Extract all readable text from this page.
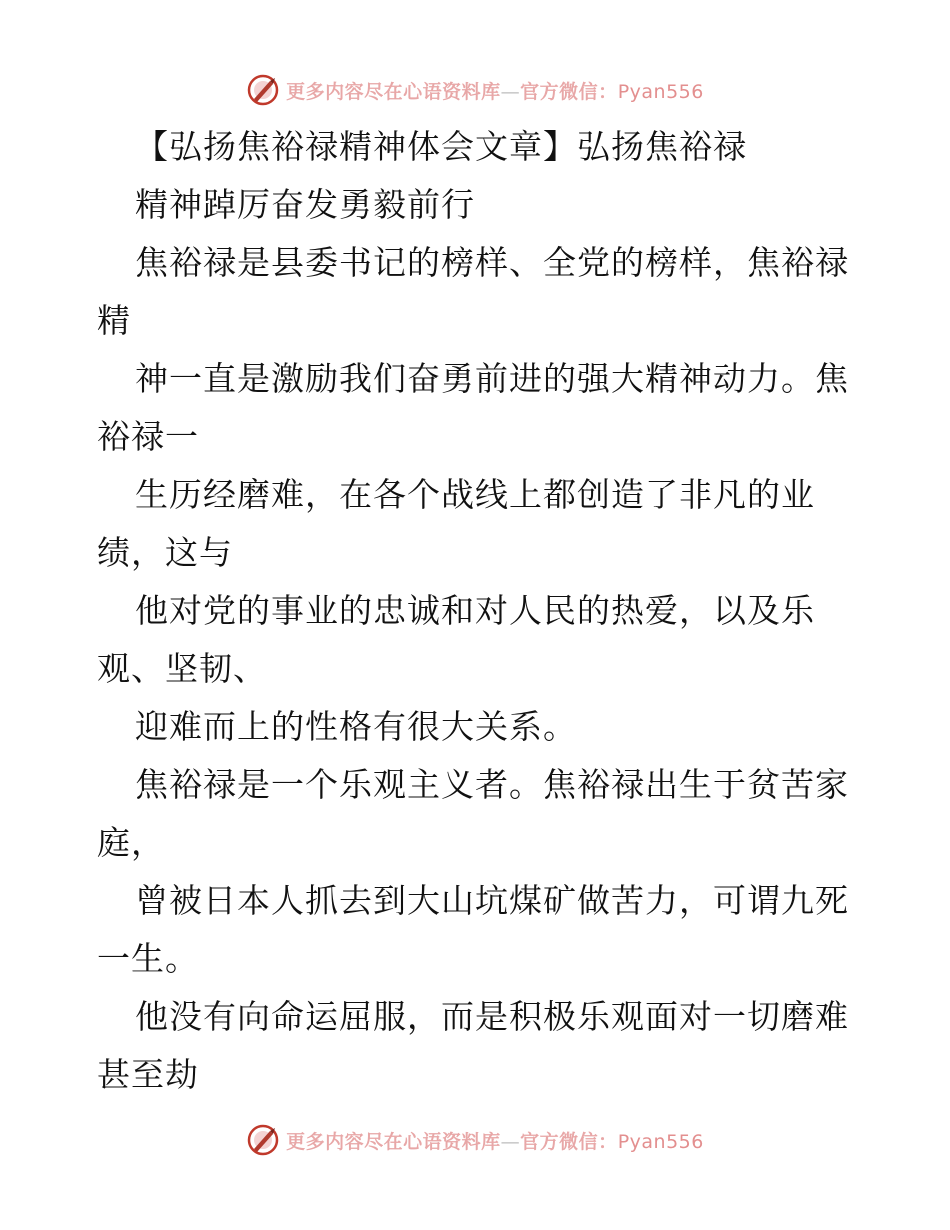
更多内容尽在心语资料库—官方微信：Pyan556
【弘扬焦裕禄精神体会文章】弘扬焦裕禄
精神踔厉奋发勇毅前行
焦裕禄是县委书记的榜样、全党的榜样，焦裕禄
精
神一直是激励我们奋勇前进的强大精神动力。焦
裕禄一
生历经磨难，在各个战线上都创造了非凡的业
绩，这与
他对党的事业的忠诚和对人民的热爱，以及乐
观、坚韧、
迎难而上的性格有很大关系。
焦裕禄是一个乐观主义者。焦裕禄出生于贫苦家
庭，
曾被日本人抓去到大山坑煤矿做苦力，可谓九死
一生。
他没有向命运屈服，而是积极乐观面对一切磨难
甚至劫
更多内容尽在心语资料库—官方微信：Pyan556
